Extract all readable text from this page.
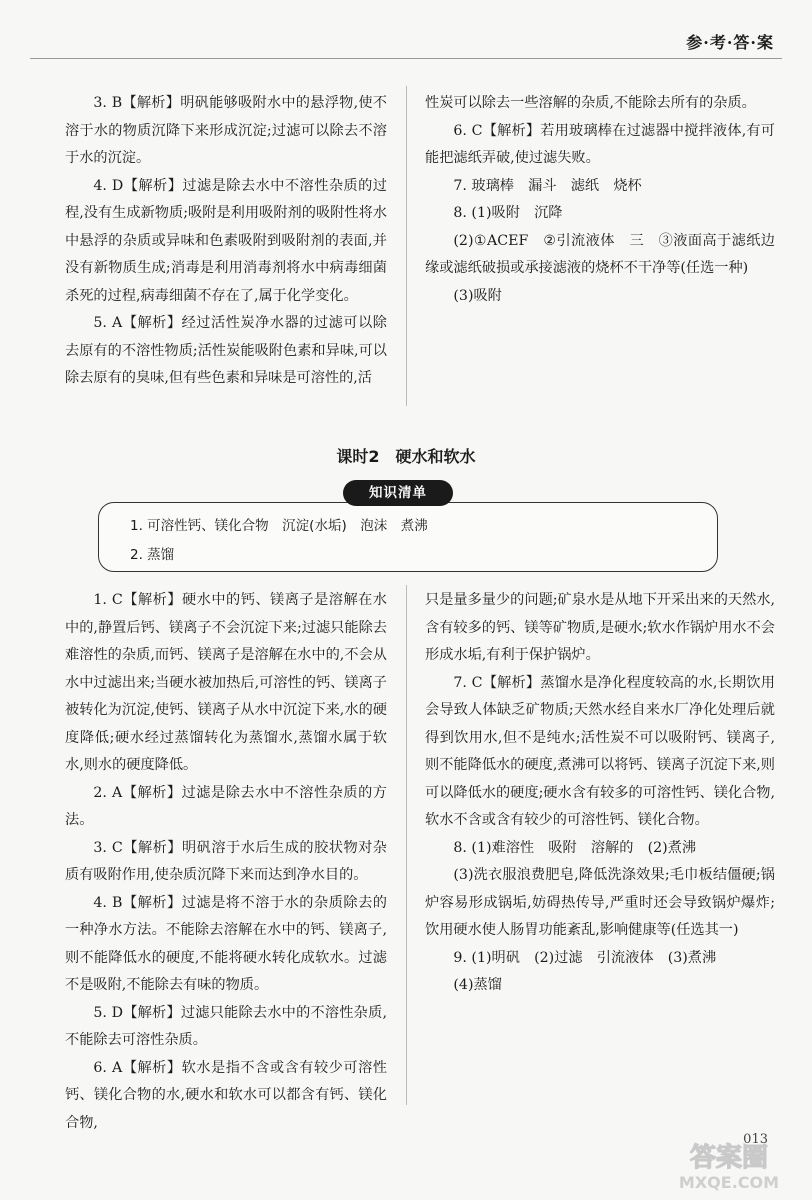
参·考·答·案

3. B【解析】明矾能够吸附水中的悬浮物,使不溶于水的物质沉降下来形成沉淀;过滤可以除去不溶于水的沉淀。

4. D【解析】过滤是除去水中不溶性杂质的过程,没有生成新物质;吸附是利用吸附剂的吸附性将水中悬浮的杂质或异味和色素吸附到吸附剂的表面,并没有新物质生成;消毒是利用消毒剂将水中病毒细菌杀死的过程,病毒细菌不存在了,属于化学变化。

5. A【解析】经过活性炭净水器的过滤可以除去原有的不溶性物质;活性炭能吸附色素和异味,可以除去原有的臭味,但有些色素和异味是可溶性的,活

性炭可以除去一些溶解的杂质,不能除去所有的杂质。

6. C【解析】若用玻璃棒在过滤器中搅拌液体,有可能把滤纸弄破,使过滤失败。

7. 玻璃棒　漏斗　滤纸　烧杯

8. (1)吸附　沉降

(2)①ACEF　②引流液体　三　③液面高于滤纸边缘或滤纸破损或承接滤液的烧杯不干净等(任选一种)

(3)吸附

课时2　硬水和软水
知识清单
1. 可溶性钙、镁化合物　沉淀(水垢)　泡沫　煮沸
2. 蒸馏

1. C【解析】硬水中的钙、镁离子是溶解在水中的,静置后钙、镁离子不会沉淀下来;过滤只能除去难溶性的杂质,而钙、镁离子是溶解在水中的,不会从水中过滤出来;当硬水被加热后,可溶性的钙、镁离子被转化为沉淀,使钙、镁离子从水中沉淀下来,水的硬度降低;硬水经过蒸馏转化为蒸馏水,蒸馏水属于软水,则水的硬度降低。

2. A【解析】过滤是除去水中不溶性杂质的方法。

3. C【解析】明矾溶于水后生成的胶状物对杂质有吸附作用,使杂质沉降下来而达到净水目的。

4. B【解析】过滤是将不溶于水的杂质除去的一种净水方法。不能除去溶解在水中的钙、镁离子,则不能降低水的硬度,不能将硬水转化成软水。过滤不是吸附,不能除去有味的物质。

5. D【解析】过滤只能除去水中的不溶性杂质,不能除去可溶性杂质。

6. A【解析】软水是指不含或含有较少可溶性钙、镁化合物的水,硬水和软水可以都含有钙、镁化合物,

只是量多量少的问题;矿泉水是从地下开采出来的天然水,含有较多的钙、镁等矿物质,是硬水;软水作锅炉用水不会形成水垢,有利于保护锅炉。

7. C【解析】蒸馏水是净化程度较高的水,长期饮用会导致人体缺乏矿物质;天然水经自来水厂净化处理后就得到饮用水,但不是纯水;活性炭不可以吸附钙、镁离子,则不能降低水的硬度,煮沸可以将钙、镁离子沉淀下来,则可以降低水的硬度;硬水含有较多的可溶性钙、镁化合物,软水不含或含有较少的可溶性钙、镁化合物。

8. (1)难溶性　吸附　溶解的　(2)煮沸

(3)洗衣服浪费肥皂,降低洗涤效果;毛巾板结僵硬;锅炉容易形成锅垢,妨碍热传导,严重时还会导致锅炉爆炸;饮用硬水使人肠胃功能紊乱,影响健康等(任选其一)

9. (1)明矾　(2)过滤　引流液体　(3)煮沸

(4)蒸馏

013
答案圈
MXQE.COM
